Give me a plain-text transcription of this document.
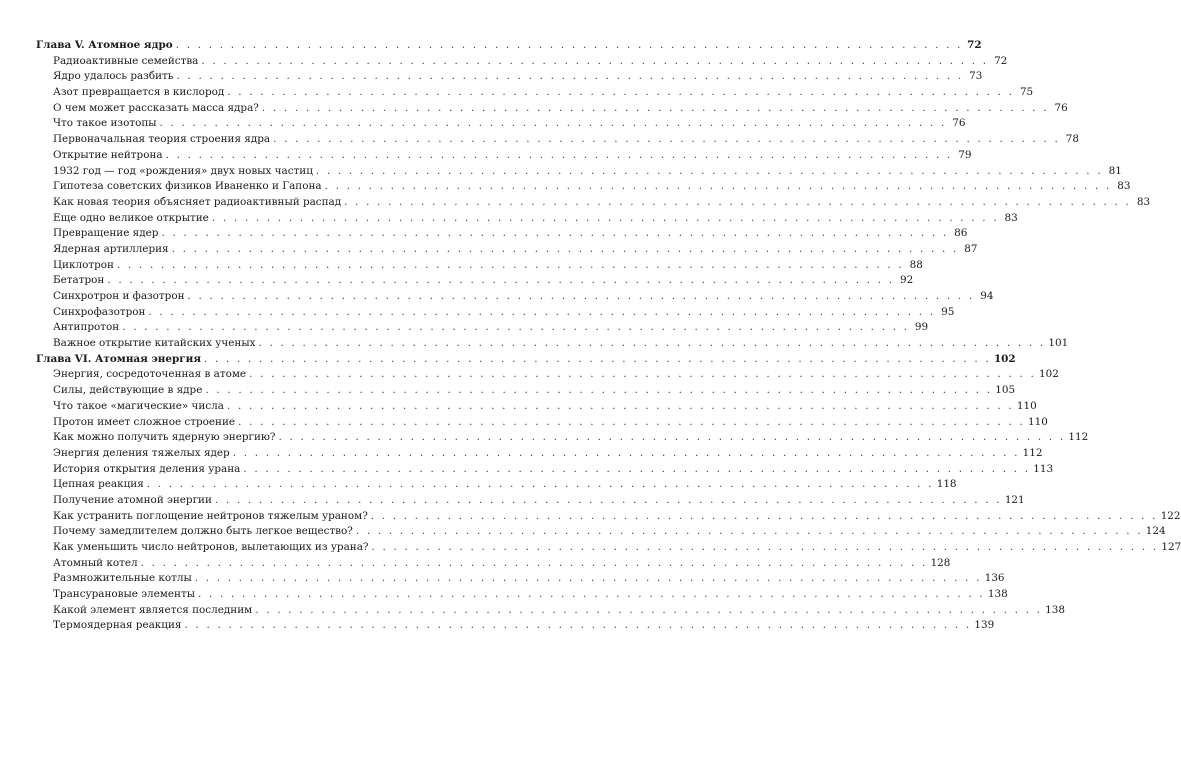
Глава V. Атомное ядро . . . . . . . . . . . . . . . . . . . . . . . . . . . . . . . . . . . . . . . . . . . . . . . . . . . . . . . . . . . . . . . . . . . . . . . . 72
Радиоактивные семейства . . . . . . . . . . . . . . . . . . . . . . . . . . . . . . . . . . . . . . . . . . . . . . . . . . . . . . . . . . . . . . . . . . . . . . . . 72
Ядро удалось разбить . . . . . . . . . . . . . . . . . . . . . . . . . . . . . . . . . . . . . . . . . . . . . . . . . . . . . . . . . . . . . . . . . . . . . . . . 73
Азот превращается в кислород . . . . . . . . . . . . . . . . . . . . . . . . . . . . . . . . . . . . . . . . . . . . . . . . . . . . . . . . . . . . . . . . . . . . . . . . 75
О чем может рассказать масса ядра? . . . . . . . . . . . . . . . . . . . . . . . . . . . . . . . . . . . . . . . . . . . . . . . . . . . . . . . . . . . . . . . . . . . . . . . . 76
Что такое изотопы . . . . . . . . . . . . . . . . . . . . . . . . . . . . . . . . . . . . . . . . . . . . . . . . . . . . . . . . . . . . . . . . . . . . . . . . 76
Первоначальная теория строения ядра . . . . . . . . . . . . . . . . . . . . . . . . . . . . . . . . . . . . . . . . . . . . . . . . . . . . . . . . . . . . . . . . . . . . . . . . 78
Открытие нейтрона . . . . . . . . . . . . . . . . . . . . . . . . . . . . . . . . . . . . . . . . . . . . . . . . . . . . . . . . . . . . . . . . . . . . . . . . 79
1932 год — год «рождения» двух новых частиц . . . . . . . . . . . . . . . . . . . . . . . . . . . . . . . . . . . . . . . . . . . . . . . . . . . . . . . . . . . . . . . . . . . . . . . . 81
Гипотеза советских физиков Иваненко и Гапона . . . . . . . . . . . . . . . . . . . . . . . . . . . . . . . . . . . . . . . . . . . . . . . . . . . . . . . . . . . . . . . . . . . . . . . . 83
Как новая теория объясняет радиоактивный распад . . . . . . . . . . . . . . . . . . . . . . . . . . . . . . . . . . . . . . . . . . . . . . . . . . . . . . . . . . . . . . . . . . . . . . . . 83
Еще одно великое открытие . . . . . . . . . . . . . . . . . . . . . . . . . . . . . . . . . . . . . . . . . . . . . . . . . . . . . . . . . . . . . . . . . . . . . . . . 83
Превращение ядер . . . . . . . . . . . . . . . . . . . . . . . . . . . . . . . . . . . . . . . . . . . . . . . . . . . . . . . . . . . . . . . . . . . . . . . . 86
Ядерная артиллерия . . . . . . . . . . . . . . . . . . . . . . . . . . . . . . . . . . . . . . . . . . . . . . . . . . . . . . . . . . . . . . . . . . . . . . . . 87
Циклотрон . . . . . . . . . . . . . . . . . . . . . . . . . . . . . . . . . . . . . . . . . . . . . . . . . . . . . . . . . . . . . . . . . . . . . . . . 88
Бетатрон . . . . . . . . . . . . . . . . . . . . . . . . . . . . . . . . . . . . . . . . . . . . . . . . . . . . . . . . . . . . . . . . . . . . . . . . 92
Синхротрон и фазотрон . . . . . . . . . . . . . . . . . . . . . . . . . . . . . . . . . . . . . . . . . . . . . . . . . . . . . . . . . . . . . . . . . . . . . . . . 94
Синхрофазотрон . . . . . . . . . . . . . . . . . . . . . . . . . . . . . . . . . . . . . . . . . . . . . . . . . . . . . . . . . . . . . . . . . . . . . . . . 95
Антипротон . . . . . . . . . . . . . . . . . . . . . . . . . . . . . . . . . . . . . . . . . . . . . . . . . . . . . . . . . . . . . . . . . . . . . . . . 99
Важное открытие китайских ученых . . . . . . . . . . . . . . . . . . . . . . . . . . . . . . . . . . . . . . . . . . . . . . . . . . . . . . . . . . . . . . . . . . . . . . . . 101
Глава VI. Атомная энергия . . . . . . . . . . . . . . . . . . . . . . . . . . . . . . . . . . . . . . . . . . . . . . . . . . . . . . . . . . . . . . . . . . . . . . . . 102
Энергия, сосредоточенная в атоме . . . . . . . . . . . . . . . . . . . . . . . . . . . . . . . . . . . . . . . . . . . . . . . . . . . . . . . . . . . . . . . . . . . . . . . . 102
Силы, действующие в ядре . . . . . . . . . . . . . . . . . . . . . . . . . . . . . . . . . . . . . . . . . . . . . . . . . . . . . . . . . . . . . . . . . . . . . . . . 105
Что такое «магические» числа . . . . . . . . . . . . . . . . . . . . . . . . . . . . . . . . . . . . . . . . . . . . . . . . . . . . . . . . . . . . . . . . . . . . . . . . 110
Протон имеет сложное строение . . . . . . . . . . . . . . . . . . . . . . . . . . . . . . . . . . . . . . . . . . . . . . . . . . . . . . . . . . . . . . . . . . . . . . . . 110
Как можно получить ядерную энергию? . . . . . . . . . . . . . . . . . . . . . . . . . . . . . . . . . . . . . . . . . . . . . . . . . . . . . . . . . . . . . . . . . . . . . . . . 112
Энергия деления тяжелых ядер . . . . . . . . . . . . . . . . . . . . . . . . . . . . . . . . . . . . . . . . . . . . . . . . . . . . . . . . . . . . . . . . . . . . . . . . 112
История открытия деления урана . . . . . . . . . . . . . . . . . . . . . . . . . . . . . . . . . . . . . . . . . . . . . . . . . . . . . . . . . . . . . . . . . . . . . . . . 113
Цепная реакция . . . . . . . . . . . . . . . . . . . . . . . . . . . . . . . . . . . . . . . . . . . . . . . . . . . . . . . . . . . . . . . . . . . . . . . . 118
Получение атомной энергии . . . . . . . . . . . . . . . . . . . . . . . . . . . . . . . . . . . . . . . . . . . . . . . . . . . . . . . . . . . . . . . . . . . . . . . . 121
Как устранить поглощение нейтронов тяжелым ураном? . . . . . . . . . . . . . . . . . . . . . . . . . . . . . . . . . . . . . . . . . . . . . . . . . . . . . . . . . . . . . . . . . . . . . . . . 122
Почему замедлителем должно быть легкое вещество? . . . . . . . . . . . . . . . . . . . . . . . . . . . . . . . . . . . . . . . . . . . . . . . . . . . . . . . . . . . . . . . . . . . . . . . . 124
Как уменьшить число нейтронов, вылетающих из урана? . . . . . . . . . . . . . . . . . . . . . . . . . . . . . . . . . . . . . . . . . . . . . . . . . . . . . . . . . . . . . . . . . . . . . . . . 127
Атомный котел . . . . . . . . . . . . . . . . . . . . . . . . . . . . . . . . . . . . . . . . . . . . . . . . . . . . . . . . . . . . . . . . . . . . . . . . 128
Размножительные котлы . . . . . . . . . . . . . . . . . . . . . . . . . . . . . . . . . . . . . . . . . . . . . . . . . . . . . . . . . . . . . . . . . . . . . . . . 136
Трансурановые элементы . . . . . . . . . . . . . . . . . . . . . . . . . . . . . . . . . . . . . . . . . . . . . . . . . . . . . . . . . . . . . . . . . . . . . . . . 138
Какой элемент является последним . . . . . . . . . . . . . . . . . . . . . . . . . . . . . . . . . . . . . . . . . . . . . . . . . . . . . . . . . . . . . . . . . . . . . . . . 138
Термоядерная реакция . . . . . . . . . . . . . . . . . . . . . . . . . . . . . . . . . . . . . . . . . . . . . . . . . . . . . . . . . . . . . . . . . . . . . . . . 139
